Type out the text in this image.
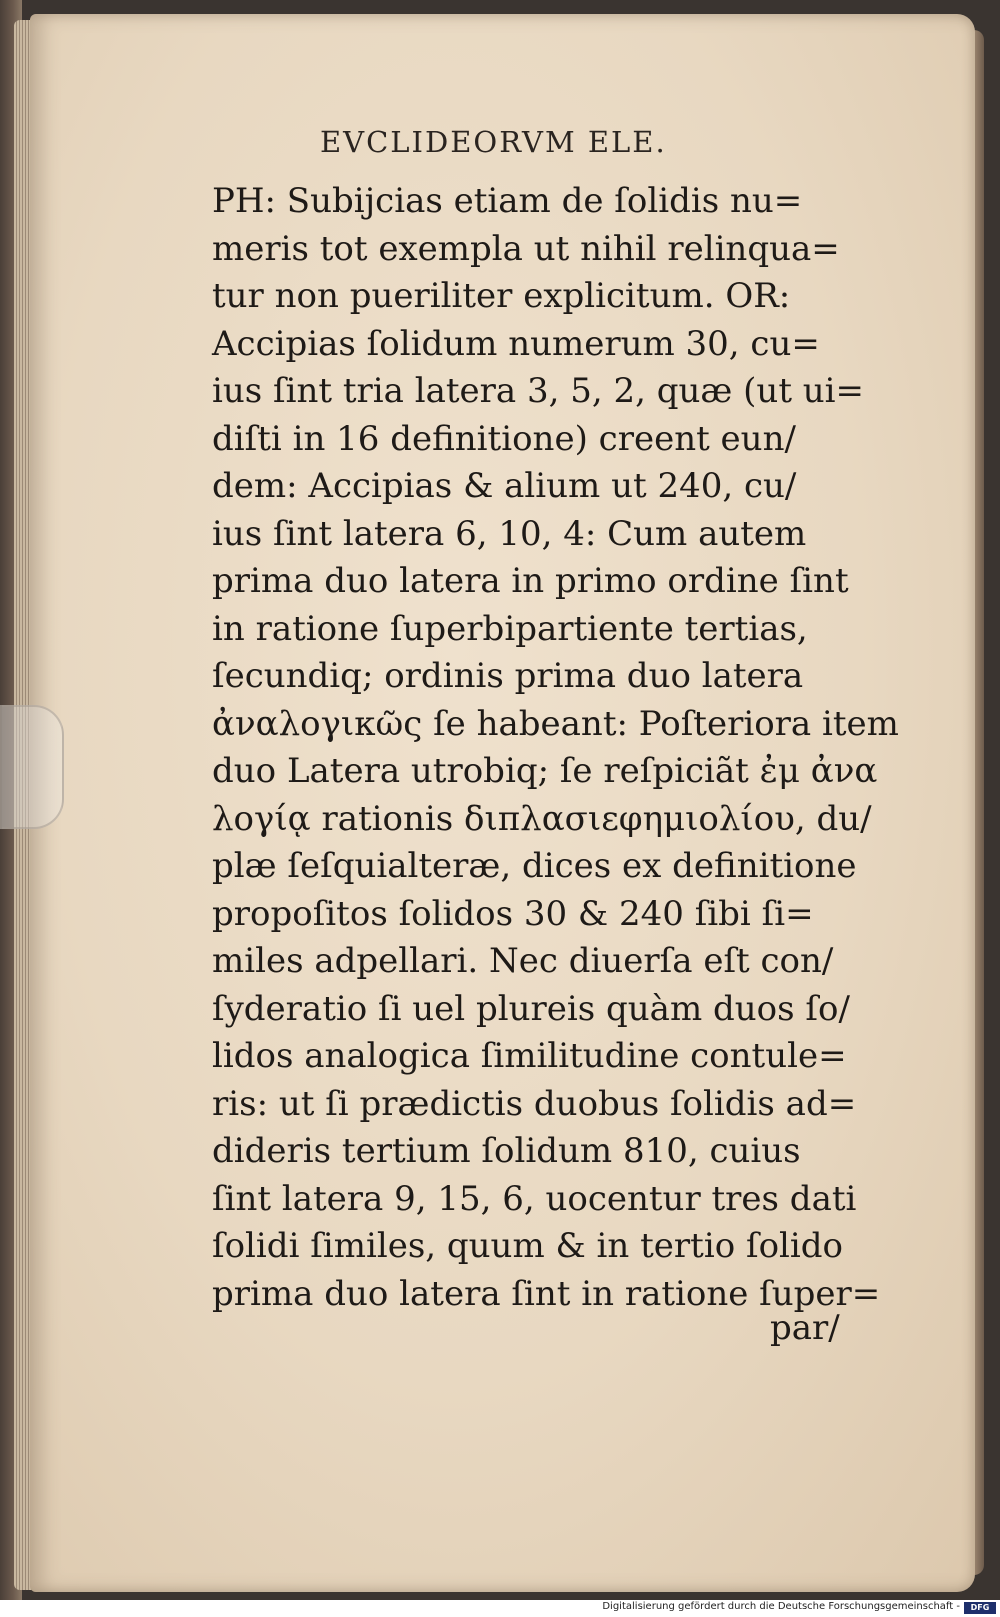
EVCLIDEORVM ELE.
PH: Subijcias etiam de ſolidis nu=
meris tot exempla ut nihil relinqua=
tur non pueriliter explicitum. OR:
Accipias ſolidum numerum 30, cu=
ius ſint tria latera 3, 5, 2, quæ (ut ui=
diſti in 16 definitione) creent eun/
dem: Accipias & alium ut 240, cu/
ius ſint latera 6, 10, 4: Cum autem
prima duo latera in primo ordine ſint
in ratione ſuperbipartiente tertias,
ſecundiq; ordinis prima duo latera
ἀναλογικῶς ſe habeant: Poſteriora item
duo Latera utrobiq; ſe reſpiciãt ἐμ ἀνα
λογίᾳ rationis διπλασιεφημιολίου, du/
plæ ſeſquialteræ, dices ex definitione
propoſitos ſolidos 30 & 240 ſibi ſi=
miles adpellari. Nec diuerſa eſt con/
ſyderatio ſi uel plureis quàm duos ſo/
lidos analogica ſimilitudine contule=
ris: ut ſi prædictis duobus ſolidis ad=
dideris tertium ſolidum 810, cuius
ſint latera 9, 15, 6, uocentur tres dati
ſolidi ſimiles, quum & in tertio ſolido
prima duo latera ſint in ratione ſuper=
par/
Digitalisierung gefördert durch die Deutsche Forschungsgemeinschaft -	DFG
